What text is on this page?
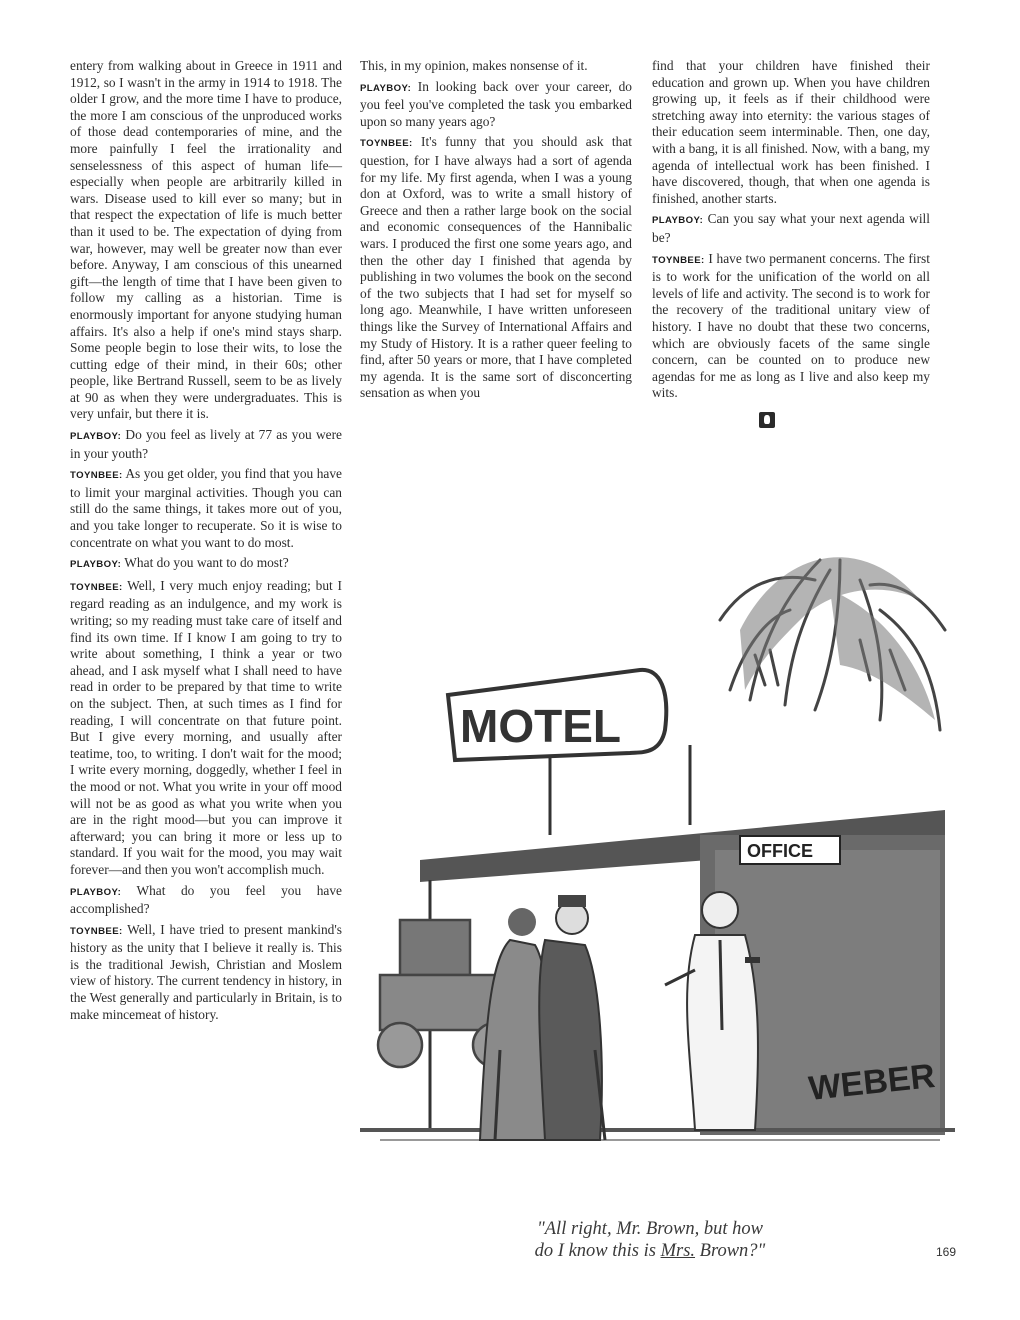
entery from walking about in Greece in 1911 and 1912, so I wasn't in the army in 1914 to 1918. The older I grow, and the more time I have to produce, the more I am conscious of the unproduced works of those dead contemporaries of mine, and the more painfully I feel the irrationality and senselessness of this aspect of human life—especially when people are arbitrarily killed in wars. Disease used to kill ever so many; but in that respect the expectation of life is much better than it used to be. The expectation of dying from war, however, may well be greater now than ever before. Anyway, I am conscious of this unearned gift—the length of time that I have been given to follow my calling as a historian. Time is enormously important for anyone studying human affairs. It's also a help if one's mind stays sharp. Some people begin to lose their wits, to lose the cutting edge of their mind, in their 60s; other people, like Bertrand Russell, seem to be as lively at 90 as when they were undergraduates. This is very unfair, but there it is.

PLAYBOY: Do you feel as lively at 77 as you were in your youth?

TOYNBEE: As you get older, you find that you have to limit your marginal activities. Though you can still do the same things, it takes more out of you, and you take longer to recuperate. So it is wise to concentrate on what you want to do most.

PLAYBOY: What do you want to do most?

TOYNBEE: Well, I very much enjoy reading; but I regard reading as an indulgence, and my work is writing; so my reading must take care of itself and find its own time. If I know I am going to try to write about something, I think a year or two ahead, and I ask myself what I shall need to have read in order to be prepared by that time to write on the subject. Then, at such times as I find for reading, I will concentrate on that future point. But I give every morning, and usually after teatime, too, to writing. I don't wait for the mood; I write every morning, doggedly, whether I feel in the mood or not. What you write in your off mood will not be as good as what you write when you are in the right mood—but you can improve it afterward; you can bring it more or less up to standard. If you wait for the mood, you may wait forever—and then you won't accomplish much.

PLAYBOY: What do you feel you have accomplished?

TOYNBEE: Well, I have tried to present mankind's history as the unity that I believe it really is. This is the traditional Jewish, Christian and Moslem view of history. The current tendency in history, in the West generally and particularly in Britain, is to make mincemeat of history.

This, in my opinion, makes nonsense of it.

PLAYBOY: In looking back over your career, do you feel you've completed the task you embarked upon so many years ago?

TOYNBEE: It's funny that you should ask that question, for I have always had a sort of agenda for my life. My first agenda, when I was a young don at Oxford, was to write a small history of Greece and then a rather large book on the social and economic consequences of the Hannibalic wars. I produced the first one some years ago, and then the other day I finished that agenda by publishing in two volumes the book on the second of the two subjects that I had set for myself so long ago. Meanwhile, I have written unforeseen things like the Survey of International Affairs and my Study of History. It is a rather queer feeling to find, after 50 years or more, that I have completed my agenda. It is the same sort of disconcerting sensation as when you

find that your children have finished their education and grown up. When you have children growing up, it feels as if their childhood were stretching away into eternity: the various stages of their education seem interminable. Then, one day, with a bang, it is all finished. Now, with a bang, my agenda of intellectual work has been finished. I have discovered, though, that when one agenda is finished, another starts.

PLAYBOY: Can you say what your next agenda will be?

TOYNBEE: I have two permanent concerns. The first is to work for the unification of the world on all levels of life and activity. The second is to work for the recovery of the traditional unitary view of history. I have no doubt that these two concerns, which are obviously facets of the same single concern, can be counted on to produce new agendas for me as long as I live and also keep my wits.

MOTEL
OFFICE
WEBER
"All right, Mr. Brown, but how
do I know this is Mrs. Brown?"	169
